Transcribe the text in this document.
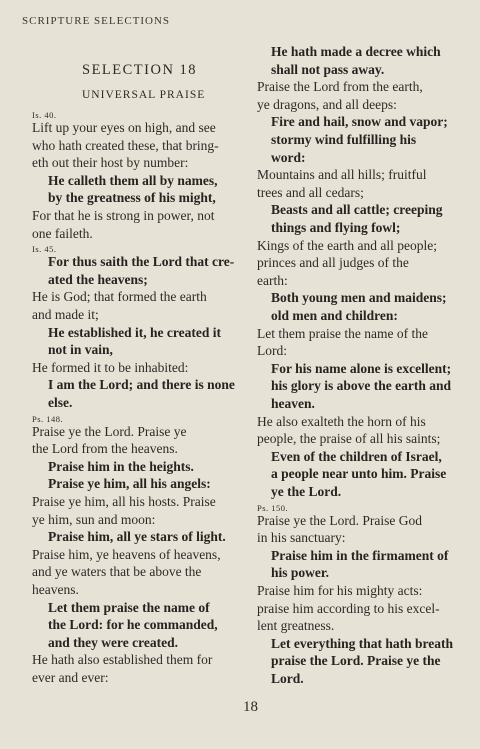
SCRIPTURE SELECTIONS
SELECTION 18
UNIVERSAL PRAISE
18
Is. 40.
Lift up your eyes on high, and see
who hath created these, that bring-
eth out their host by number:
He calleth them all by names,
by the greatness of his might,
For that he is strong in power, not
one faileth.
Is. 45.
For thus saith the Lord that cre-
ated the heavens;
He is God; that formed the earth
and made it;
He established it, he created it
not in vain,
He formed it to be inhabited:
I am the Lord; and there is none
else.
Ps. 148.
Praise ye the Lord. Praise ye
the Lord from the heavens.
Praise him in the heights.
Praise ye him, all his angels:
Praise ye him, all his hosts. Praise
ye him, sun and moon:
Praise him, all ye stars of light.
Praise him, ye heavens of heavens,
and ye waters that be above the
heavens.
Let them praise the name of
the Lord: for he commanded,
and they were created.
He hath also established them for
ever and ever:
He hath made a decree which
shall not pass away.
Praise the Lord from the earth,
ye dragons, and all deeps:
Fire and hail, snow and vapor;
stormy wind fulfilling his
word:
Mountains and all hills; fruitful
trees and all cedars;
Beasts and all cattle; creeping
things and flying fowl;
Kings of the earth and all people;
princes and all judges of the
earth:
Both young men and maidens;
old men and children:
Let them praise the name of the
Lord:
For his name alone is excellent;
his glory is above the earth and
heaven.
He also exalteth the horn of his
people, the praise of all his saints;
Even of the children of Israel,
a people near unto him. Praise
ye the Lord.
Ps. 150.
Praise ye the Lord. Praise God
in his sanctuary:
Praise him in the firmament of
his power.
Praise him for his mighty acts:
praise him according to his excel-
lent greatness.
Let everything that hath breath
praise the Lord. Praise ye the
Lord.
